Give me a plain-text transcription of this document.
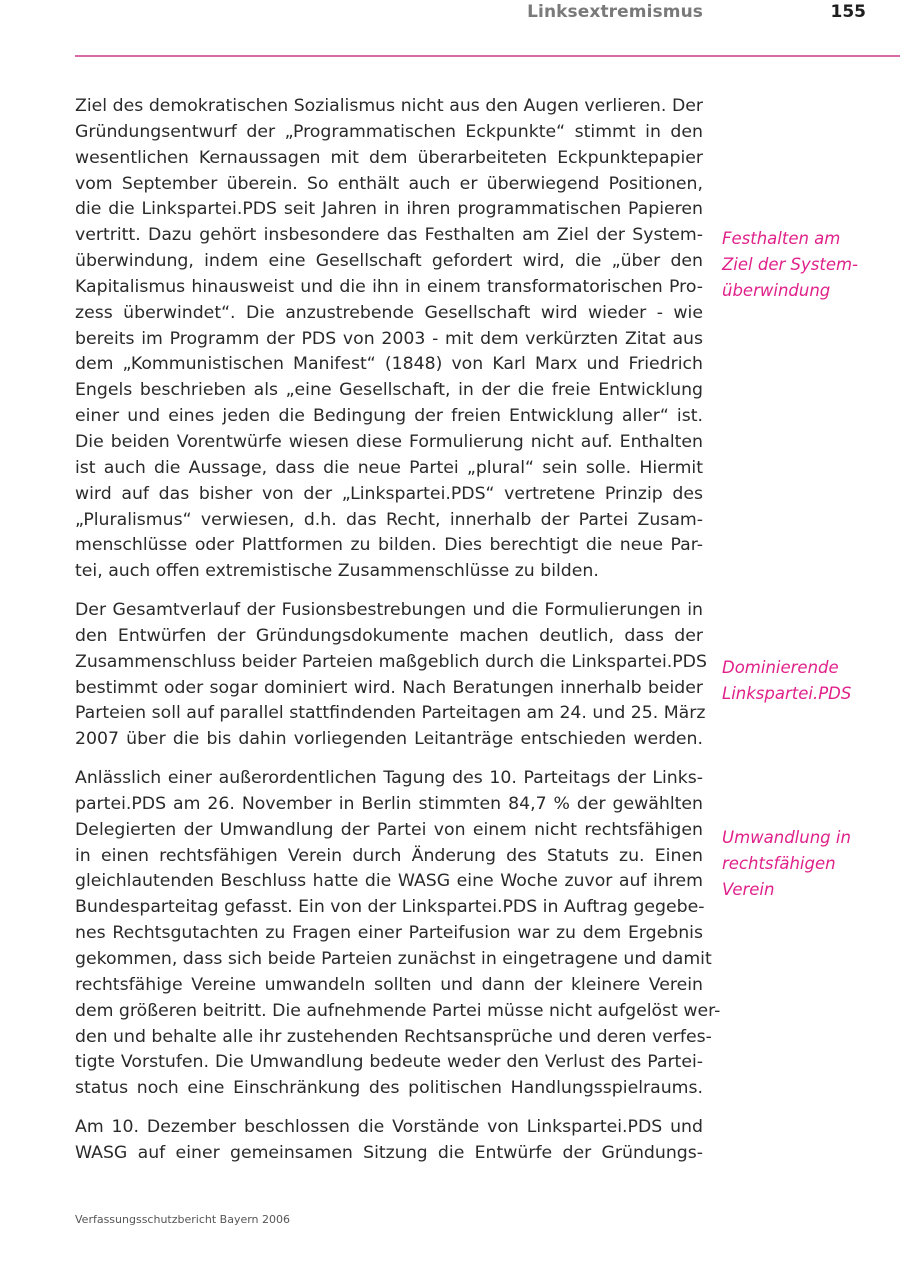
Linksextremismus	155

Ziel des demokratischen Sozialismus nicht aus den Augen verlieren. Der
Gründungsentwurf der „Programmatischen Eckpunkte“ stimmt in den
wesentlichen Kernaussagen mit dem überarbeiteten Eckpunktepapier
vom September überein. So enthält auch er überwiegend Positionen,
die die Linkspartei.PDS seit Jahren in ihren programmatischen Papieren
vertritt. Dazu gehört insbesondere das Festhalten am Ziel der System-
überwindung, indem eine Gesellschaft gefordert wird, die „über den
Kapitalismus hinausweist und die ihn in einem transformatorischen Pro-
zess überwindet“. Die anzustrebende Gesellschaft wird wieder - wie
bereits im Programm der PDS von 2003 - mit dem verkürzten Zitat aus
dem „Kommunistischen Manifest“ (1848) von Karl Marx und Friedrich
Engels beschrieben als „eine Gesellschaft, in der die freie Entwicklung
einer und eines jeden die Bedingung der freien Entwicklung aller“ ist.
Die beiden Vorentwürfe wiesen diese Formulierung nicht auf. Enthalten
ist auch die Aussage, dass die neue Partei „plural“ sein solle. Hiermit
wird auf das bisher von der „Linkspartei.PDS“ vertretene Prinzip des
„Pluralismus“ verwiesen, d.h. das Recht, innerhalb der Partei Zusam-
menschlüsse oder Plattformen zu bilden. Dies berechtigt die neue Par-
tei, auch offen extremistische Zusammenschlüsse zu bilden.

Der Gesamtverlauf der Fusionsbestrebungen und die Formulierungen in
den Entwürfen der Gründungsdokumente machen deutlich, dass der
Zusammenschluss beider Parteien maßgeblich durch die Linkspartei.PDS
bestimmt oder sogar dominiert wird. Nach Beratungen innerhalb beider
Parteien soll auf parallel stattfindenden Parteitagen am 24. und 25. März
2007 über die bis dahin vorliegenden Leitanträge entschieden werden.

Anlässlich einer außerordentlichen Tagung des 10. Parteitags der Links-
partei.PDS am 26. November in Berlin stimmten 84,7 % der gewählten
Delegierten der Umwandlung der Partei von einem nicht rechtsfähigen
in einen rechtsfähigen Verein durch Änderung des Statuts zu. Einen
gleichlautenden Beschluss hatte die WASG eine Woche zuvor auf ihrem
Bundesparteitag gefasst. Ein von der Linkspartei.PDS in Auftrag gegebe-
nes Rechtsgutachten zu Fragen einer Parteifusion war zu dem Ergebnis
gekommen, dass sich beide Parteien zunächst in eingetragene und damit
rechtsfähige Vereine umwandeln sollten und dann der kleinere Verein
dem größeren beitritt. Die aufnehmende Partei müsse nicht aufgelöst wer-
den und behalte alle ihr zustehenden Rechtsansprüche und deren verfes-
tigte Vorstufen. Die Umwandlung bedeute weder den Verlust des Partei-
status noch eine Einschränkung des politischen Handlungsspielraums.

Am 10. Dezember beschlossen die Vorstände von Linkspartei.PDS und
WASG auf einer gemeinsamen Sitzung die Entwürfe der Gründungs-

Festhalten am
Ziel der System-
überwindung
Dominierende
Linkspartei.PDS
Umwandlung in
rechtsfähigen
Verein
Verfassungsschutzbericht Bayern 2006
